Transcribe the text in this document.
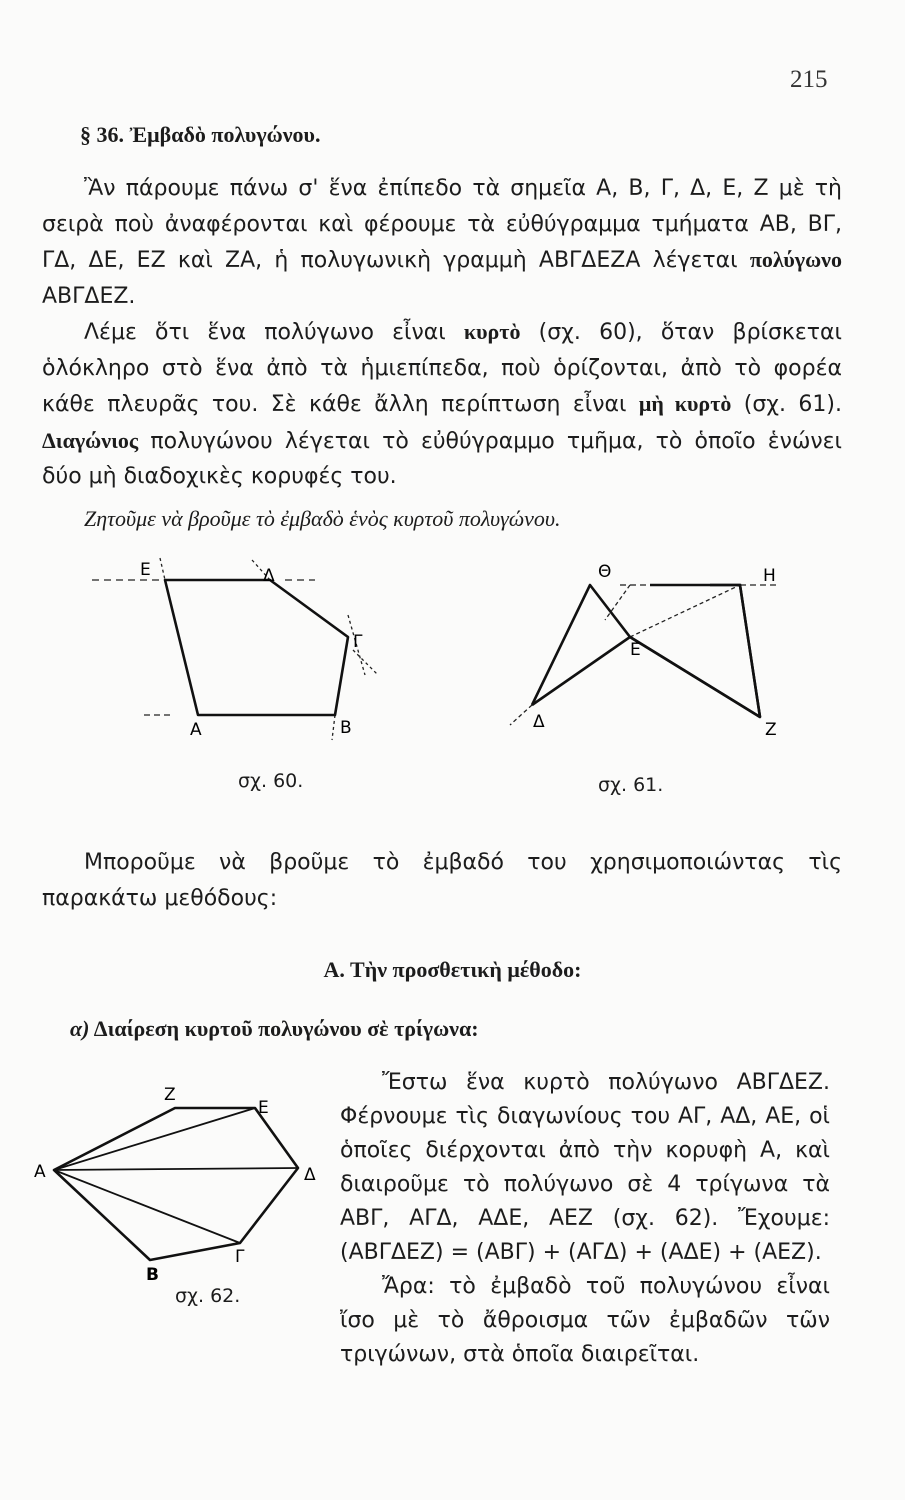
215
§ 36. Ἐμβαδὸ πολυγώνου.

Ἂν πάρουμε πάνω σ' ἕνα ἐπίπεδο τὰ σημεῖα Α, Β, Γ, Δ, Ε, Ζ μὲ τὴ σειρὰ ποὺ ἀναφέρονται καὶ φέρουμε τὰ εὐθύγραμμα τμήματα ΑΒ, ΒΓ, ΓΔ, ΔΕ, ΕΖ καὶ ΖΑ, ἡ πολυγωνικὴ γραμμὴ ΑΒΓΔΕΖΑ λέγεται πολύγωνο ΑΒΓΔΕΖ.

Λέμε ὅτι ἕνα πολύγωνο εἶναι κυρτὸ (σχ. 60), ὅταν βρίσκεται ὁλόκληρο στὸ ἕνα ἀπὸ τὰ ἡμιεπίπεδα, ποὺ ὁρίζονται, ἀπὸ τὸ φορέα κάθε πλευρᾶς του. Σὲ κάθε ἄλλη περίπτωση εἶναι μὴ κυρτὸ (σχ. 61). Διαγώνιος πολυγώνου λέγεται τὸ εὐθύγραμμο τμῆμα, τὸ ὁποῖο ἑνώνει δύο μὴ διαδοχικὲς κορυφές του.

Ζητοῦμε νὰ βροῦμε τὸ ἐμβαδὸ ἑνὸς κυρτοῦ πολυγώνου.

Ε	Δ
Γ
Α	Β
σχ. 60.
Θ	Η
Ε
Δ	Ζ
σχ. 61.

Μποροῦμε νὰ βροῦμε τὸ ἐμβαδό του χρησιμοποιώντας τὶς παρακάτω μεθόδους:

Α. Τὴν προσθετικὴ μέθοδο:
α) Διαίρεση κυρτοῦ πολυγώνου σὲ τρίγωνα:
Ζ
Ε
Α	Δ
Γ
Β
σχ. 62.

Ἔστω ἕνα κυρτὸ πολύγωνο ΑΒΓΔΕΖ. Φέρνουμε τὶς διαγωνίους του ΑΓ, ΑΔ, ΑΕ, οἱ ὁποῖες διέρχονται ἀπὸ τὴν κορυφὴ Α, καὶ διαιροῦμε τὸ πολύγωνο σὲ 4 τρίγωνα τὰ ΑΒΓ, ΑΓΔ, ΑΔΕ, ΑΕΖ (σχ. 62). Ἔχουμε: (ΑΒΓΔΕΖ) = (ΑΒΓ) + (ΑΓΔ) + (ΑΔΕ) + (ΑΕΖ).

Ἄρα: τὸ ἐμβαδὸ τοῦ πολυγώνου εἶναι ἴσο μὲ τὸ ἄθροισμα τῶν ἐμβαδῶν τῶν τριγώνων, στὰ ὁποῖα διαιρεῖται.
